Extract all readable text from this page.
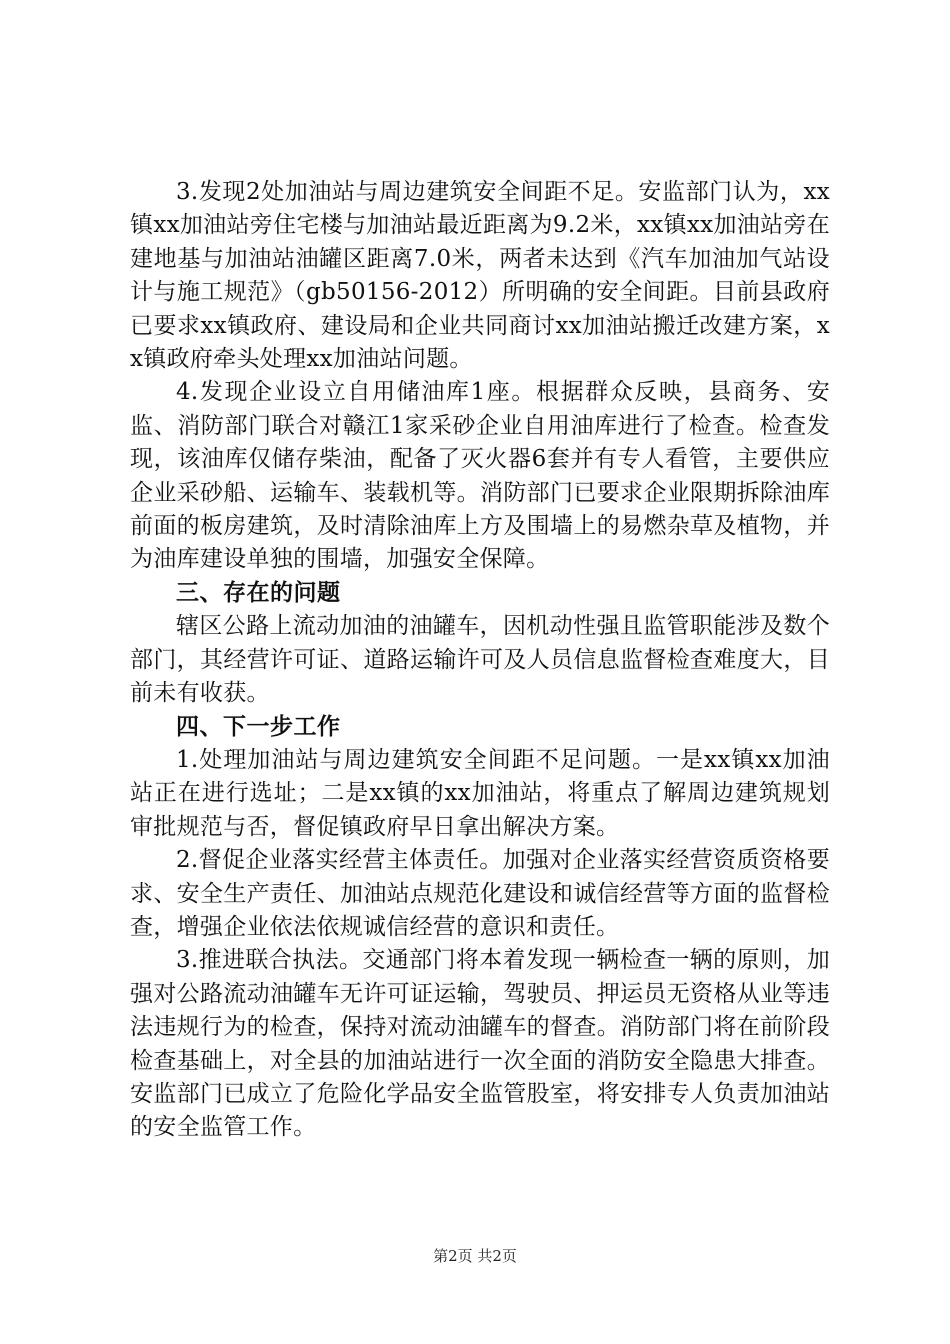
3.发现2处加油站与周边建筑安全间距不足。安监部门认为，xx镇xx加油站旁住宅楼与加油站最近距离为9.2米，xx镇xx加油站旁在建地基与加油站油罐区距离7.0米，两者未达到《汽车加油加气站设计与施工规范》（gb50156-2012）所明确的安全间距。目前县政府已要求xx镇政府、建设局和企业共同商讨xx加油站搬迁改建方案，xx镇政府牵头处理xx加油站问题。

4.发现企业设立自用储油库1座。根据群众反映，县商务、安监、消防部门联合对赣江1家采砂企业自用油库进行了检查。检查发现，该油库仅储存柴油，配备了灭火器6套并有专人看管，主要供应企业采砂船、运输车、装载机等。消防部门已要求企业限期拆除油库前面的板房建筑，及时清除油库上方及围墙上的易燃杂草及植物，并为油库建设单独的围墙，加强安全保障。

三、存在的问题

辖区公路上流动加油的油罐车，因机动性强且监管职能涉及数个部门，其经营许可证、道路运输许可及人员信息监督检查难度大，目前未有收获。

四、下一步工作

1.处理加油站与周边建筑安全间距不足问题。一是xx镇xx加油站正在进行选址；二是xx镇的xx加油站，将重点了解周边建筑规划审批规范与否，督促镇政府早日拿出解决方案。

2.督促企业落实经营主体责任。加强对企业落实经营资质资格要求、安全生产责任、加油站点规范化建设和诚信经营等方面的监督检查，增强企业依法依规诚信经营的意识和责任。

3.推进联合执法。交通部门将本着发现一辆检查一辆的原则，加强对公路流动油罐车无许可证运输，驾驶员、押运员无资格从业等违法违规行为的检查，保持对流动油罐车的督查。消防部门将在前阶段检查基础上，对全县的加油站进行一次全面的消防安全隐患大排查。安监部门已成立了危险化学品安全监管股室，将安排专人负责加油站的安全监管工作。

第2页 共2页
